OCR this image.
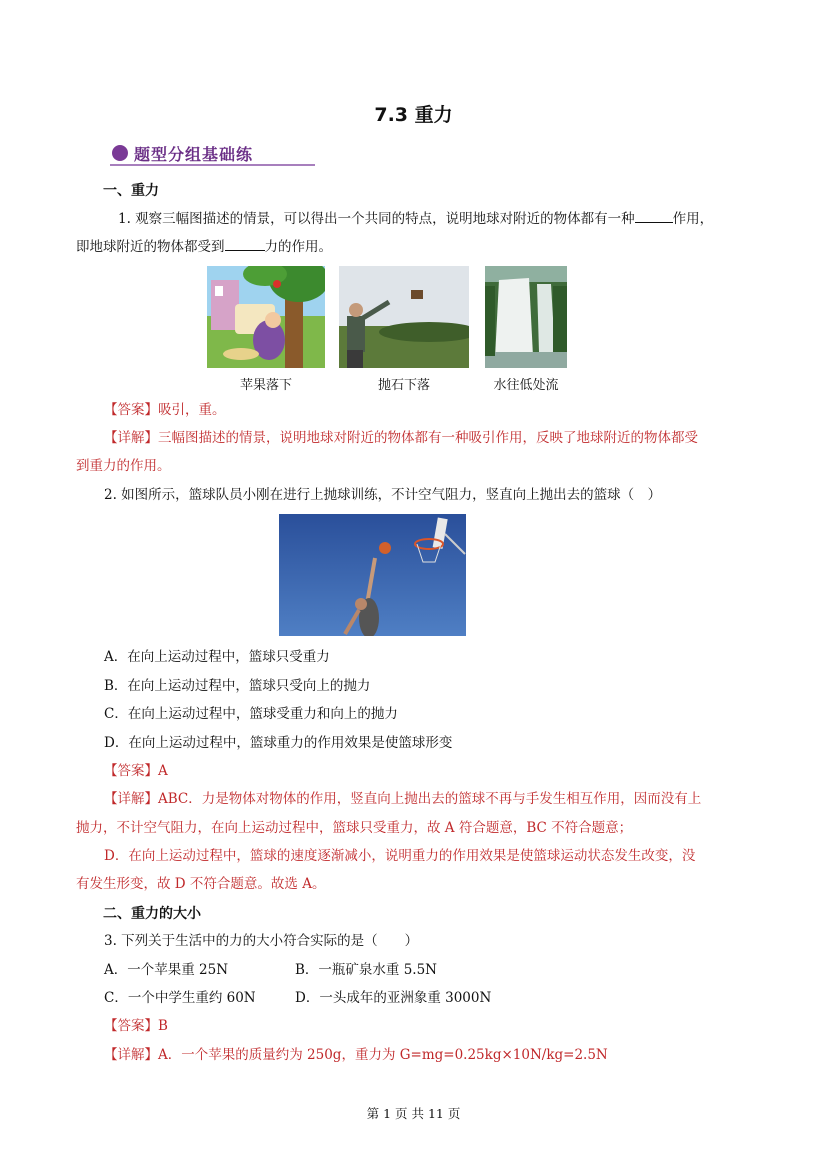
7.3 重力
题型分组基础练
一、重力
1. 观察三幅图描述的情景，可以得出一个共同的特点，说明地球对附近的物体都有一种	作用，
即地球附近的物体都受到	力的作用。
苹果落下	抛石下落	水往低处流
【答案】吸引，重。
【详解】三幅图描述的情景，说明地球对附近的物体都有一种吸引作用，反映了地球附近的物体都受
到重力的作用。
2. 如图所示，篮球队员小刚在进行上抛球训练，不计空气阻力，竖直向上抛出去的篮球（　）
A．在向上运动过程中，篮球只受重力
B．在向上运动过程中，篮球只受向上的抛力
C．在向上运动过程中，篮球受重力和向上的抛力
D．在向上运动过程中，篮球重力的作用效果是使篮球形变
【答案】A
【详解】ABC．力是物体对物体的作用，竖直向上抛出去的篮球不再与手发生相互作用，因而没有上
抛力，不计空气阻力，在向上运动过程中，篮球只受重力，故 A 符合题意，BC 不符合题意；
D．在向上运动过程中，篮球的速度逐渐减小，说明重力的作用效果是使篮球运动状态发生改变，没
有发生形变，故 D 不符合题意。故选 A。
二、重力的大小
3. 下列关于生活中的力的大小符合实际的是（　　）
A．一个苹果重 25N	B．一瓶矿泉水重 5.5N
C．一个中学生重约 60N	D．一头成年的亚洲象重 3000N
【答案】B
【详解】A．一个苹果的质量约为 250g，重力为 G=mg=0.25kg×10N/kg=2.5N
第 1 页 共 11 页
